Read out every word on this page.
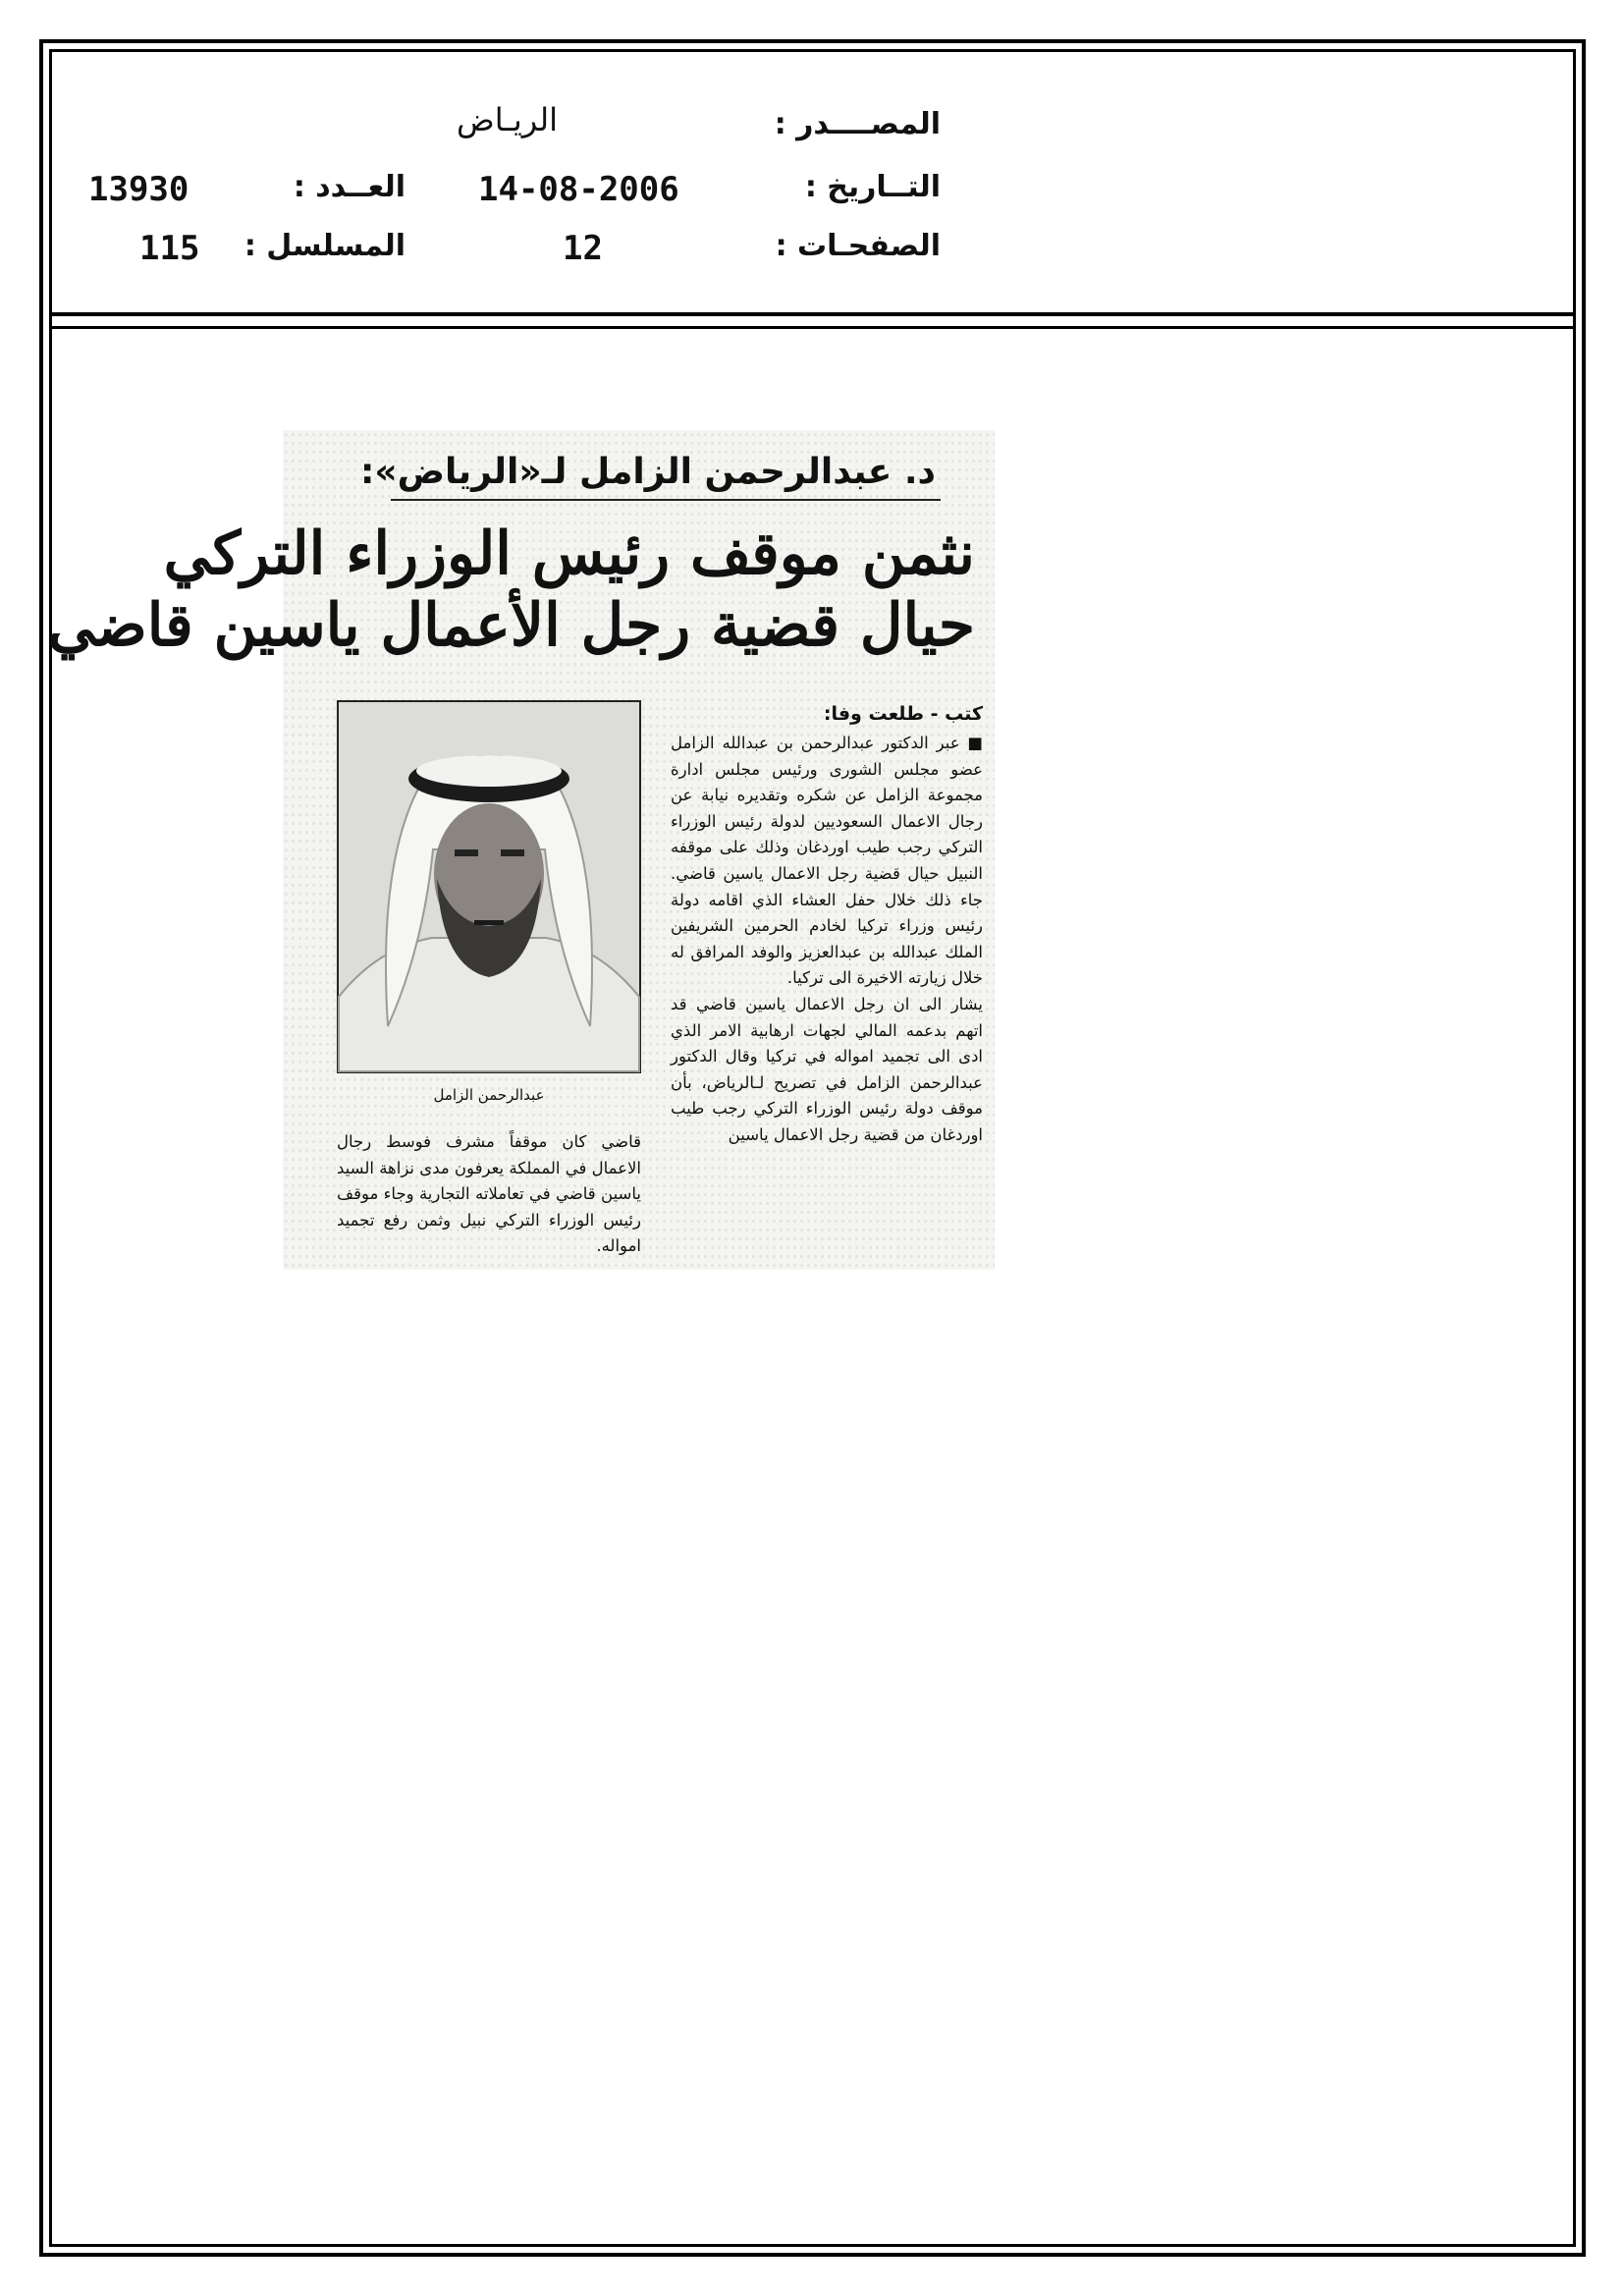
المصــــدر :
الريـاض
التــاريخ :
14-08-2006
العــدد :
13930
الصفحـات :
12
المسلسل :
115
د. عبدالرحمن الزامل لـ«الرياض»:
نثمن موقف رئيس الوزراء التركي
حيال قضية رجل الأعمال ياسين قاضي
عبدالرحمن الزامل
كتب - طلعت وفا:

■ عبر الدكتور عبدالرحمن بن عبدالله الزامل عضو مجلس الشورى ورئيس مجلس ادارة مجموعة الزامل عن شكره وتقديره نيابة عن رجال الاعمال السعوديين لدولة رئيس الوزراء التركي رجب طيب اوردغان وذلك على موقفه النبيل حيال قضية رجل الاعمال ياسين قاضي. جاء ذلك خلال حفل العشاء الذي اقامه دولة رئيس وزراء تركيا لخادم الحرمين الشريفين الملك عبدالله بن عبدالعزيز والوفد المرافق له خلال زيارته الاخيرة الى تركيا.

يشار الى ان رجل الاعمال ياسين قاضي قد اتهم بدعمه المالي لجهات ارهابية الامر الذي ادى الى تجميد امواله في تركيا وقال الدكتور عبدالرحمن الزامل في تصريح لـالرياض، بأن موقف دولة رئيس الوزراء التركي رجب طيب اوردغان من قضية رجل الاعمال ياسين

قاضي كان موقفاً مشرف فوسط رجال الاعمال في المملكة يعرفون مدى نزاهة السيد ياسين قاضي في تعاملاته التجارية وجاء موقف رئيس الوزراء التركي نبيل وثمن رفع تجميد امواله.
